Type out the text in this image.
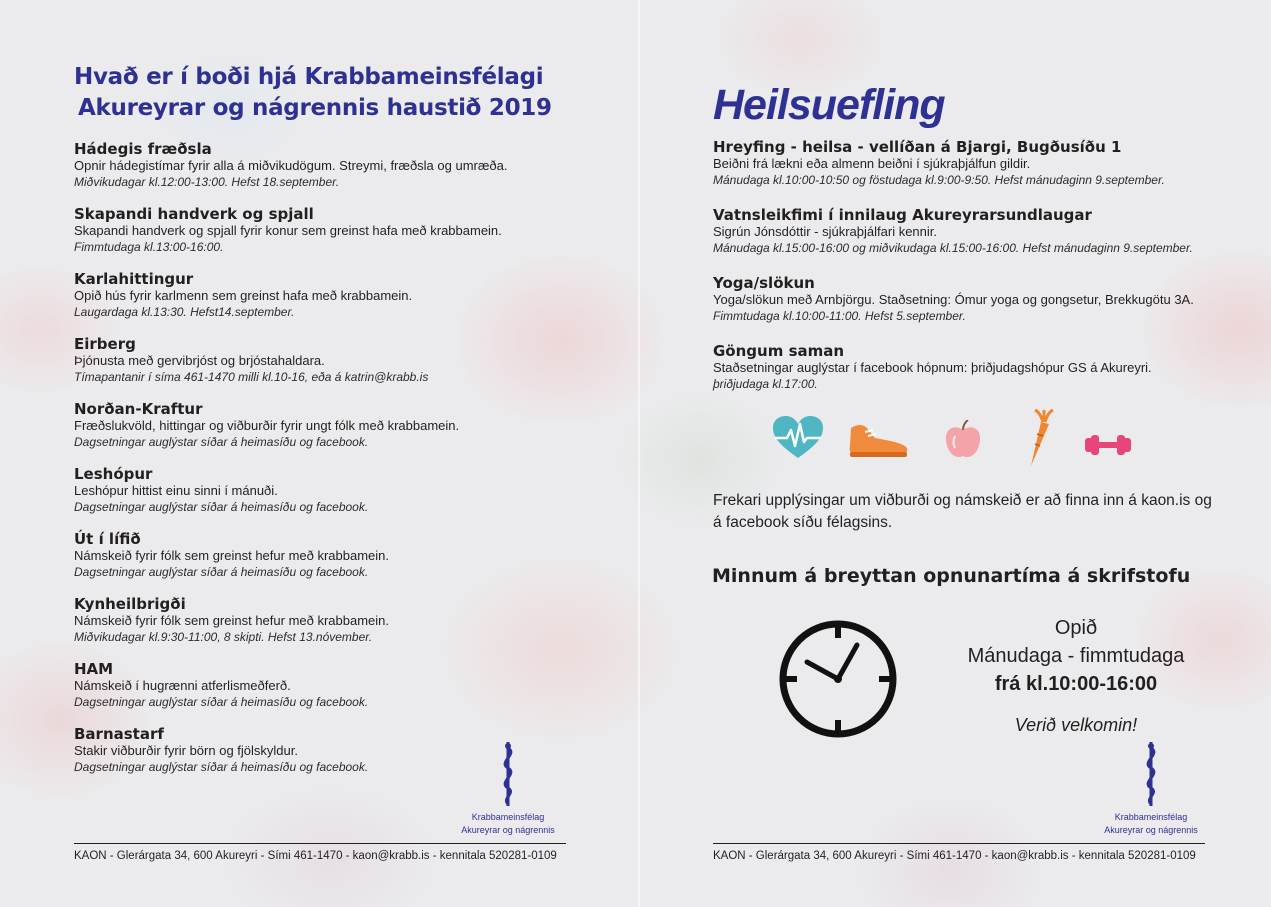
Hvað er í boði hjá Krabbameinsfélagi
Akureyrar og nágrennis haustið 2019
Hádegis fræðsla
Opnir hádegistímar fyrir alla á miðvikudögum. Streymi, fræðsla og umræða.
Miðvikudagar kl.12:00-13:00. Hefst 18.september.
Skapandi handverk og spjall
Skapandi handverk og spjall fyrir konur sem greinst hafa með krabbamein.
Fimmtudaga kl.13:00-16:00.
Karlahittingur
Opið hús fyrir karlmenn sem greinst hafa með krabbamein.
Laugardaga kl.13:30. Hefst14.september.
Eirberg
Þjónusta með gervibrjóst og brjóstahaldara.
Tímapantanir í síma 461-1470 milli kl.10-16, eða á katrin@krabb.is
Norðan-Kraftur
Fræðslukvöld, hittingar og viðburðir fyrir ungt fólk með krabbamein.
Dagsetningar auglýstar síðar á heimasíðu og facebook.
Leshópur
Leshópur hittist einu sinni í mánuði.
Dagsetningar auglýstar síðar á heimasíðu og facebook.
Út í lífið
Námskeið fyrir fólk sem greinst hefur með krabbamein.
Dagsetningar auglýstar síðar á heimasíðu og facebook.
Kynheilbrigði
Námskeið fyrir fólk sem greinst hefur með krabbamein.
Miðvikudagar kl.9:30-11:00, 8 skipti. Hefst 13.nóvember.
HAM
Námskeið í hugrænni atferlismeðferð.
Dagsetningar auglýstar síðar á heimasíðu og facebook.
Barnastarf
Stakir viðburðir fyrir börn og fjölskyldur.
Dagsetningar auglýstar síðar á heimasíðu og facebook.
Krabbameinsfélag
Akureyrar og nágrennis
KAON - Glerárgata 34, 600 Akureyri - Sími 461-1470 - kaon@krabb.is - kennitala 520281-0109
Heilsuefling
Hreyfing - heilsa - vellíðan á Bjargi, Bugðusíðu 1
Beiðni frá lækni eða almenn beiðni í sjúkraþjálfun gildir.
Mánudaga kl.10:00-10:50 og föstudaga kl.9:00-9:50. Hefst mánudaginn 9.september.
Vatnsleikfimi í innilaug Akureyrarsundlaugar
Sigrún Jónsdóttir - sjúkraþjálfari kennir.
Mánudaga kl.15:00-16:00 og miðvikudaga kl.15:00-16:00. Hefst mánudaginn 9.september.
Yoga/slökun
Yoga/slökun með Arnbjörgu. Staðsetning: Ómur yoga og gongsetur, Brekkugötu 3A.
Fimmtudaga kl.10:00-11:00. Hefst 5.september.
Göngum saman
Staðsetningar auglýstar í facebook hópnum: þriðjudagshópur GS á Akureyri.
þriðjudaga kl.17:00.
Frekari upplýsingar um viðburði og námskeið er að finna inn á kaon.is og á facebook síðu félagsins.
Minnum á breyttan opnunartíma á skrifstofu
Opið
Mánudaga - fimmtudaga
frá kl.10:00-16:00
Verið velkomin!
Krabbameinsfélag
Akureyrar og nágrennis
KAON - Glerárgata 34, 600 Akureyri - Sími 461-1470 - kaon@krabb.is - kennitala 520281-0109
